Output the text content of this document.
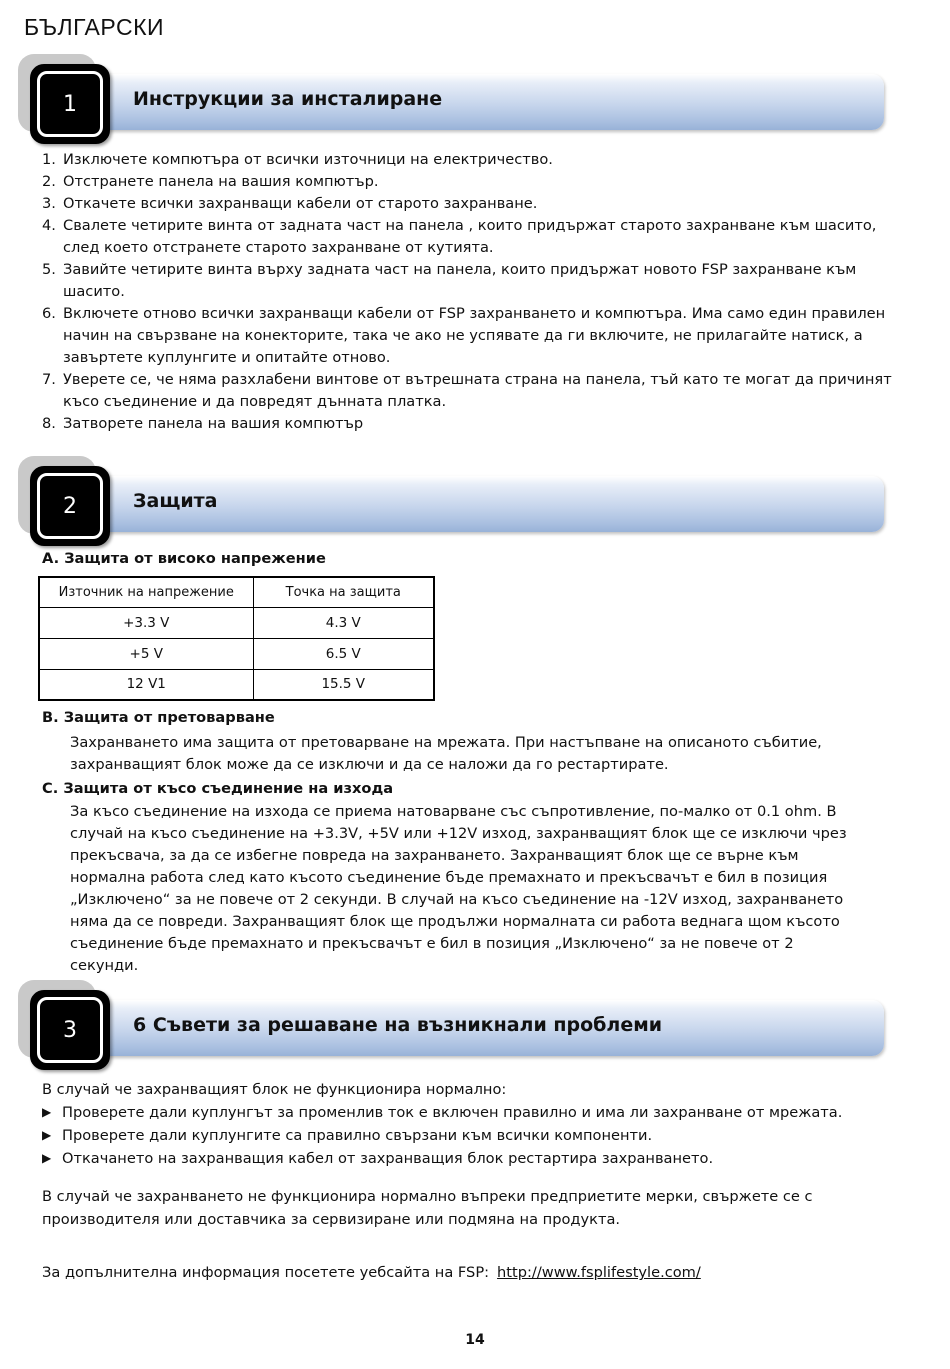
БЪЛГАРСКИ
1	Инструкции за инсталиране
1. Изключете компютъра от всички източници на електричество.
2. Отстранете панела на вашия компютър.
3. Откачете всички захранващи кабели от старото захранване.
4. Свалете четирите винта от задната част на панела , които придържат старото захранване към шасито, след което отстранете старото захранване от кутията.
5. Завийте четирите винта върху задната част на панела, които придържат новото FSP захранване към шасито.
6. Включете отново всички захранващи кабели от FSP захранването и компютъра. Има само един правилен начин на свързване на конекторите, така че ако не успявате да ги включите, не прилагайте натиск, а завъртете куплунгите и опитайте отново.
7. Уверете се, че няма разхлабени винтове от вътрешната страна на панела, тъй като те могат да причинят късо съединение и да повредят дънната платка.
8. Затворете панела на вашия компютър
2	Защита
A. Защита от високо напрежение
Източник на напрежение	Точка на защита
+3.3 V	4.3 V
+5 V	6.5 V
12 V1	15.5 V
B. Защита от претоварване
Захранването има защита от претоварване на мрежата. При настъпване на описаното събитие, захранващият блок може да се изключи и да се наложи да го рестартирате.
C. Защита от късо съединение на изхода
За късо съединение на изхода се приема натоварване със съпротивление, по-малко от 0.1 ohm. В случай на късо съединение на +3.3V, +5V или +12V изход, захранващият блок ще се изключи чрез прекъсвача, за да се избегне повреда на захранването. Захранващият блок ще се върне към нормална работа след като късото съединение бъде премахнато и прекъсвачът е бил в позиция „Изключено“ за не повече от 2 секунди. В случай на късо съединение на -12V изход, захранването няма да се повреди. Захранващият блок ще продължи нормалната си работа веднага щом късото съединение бъде премахнато и прекъсвачът е бил в позиция „Изключено“ за не повече от 2 секунди.
3	6 Съвети за решаване на възникнали проблеми
В случай че захранващият блок не функционира нормално:
▶ Проверете дали куплунгът за променлив ток е включен правилно и има ли захранване от мрежата.
▶ Проверете дали куплунгите са правилно свързани към всички компоненти.
▶ Откачането на захранващия кабел от захранващия блок рестартира захранването.
В случай че захранването не функционира нормално въпреки предприетите мерки, свържете се с производителя или доставчика за сервизиране или подмяна на продукта.
За допълнителна информация посетете уебсайта на FSP: http://www.fsplifestyle.com/
14
